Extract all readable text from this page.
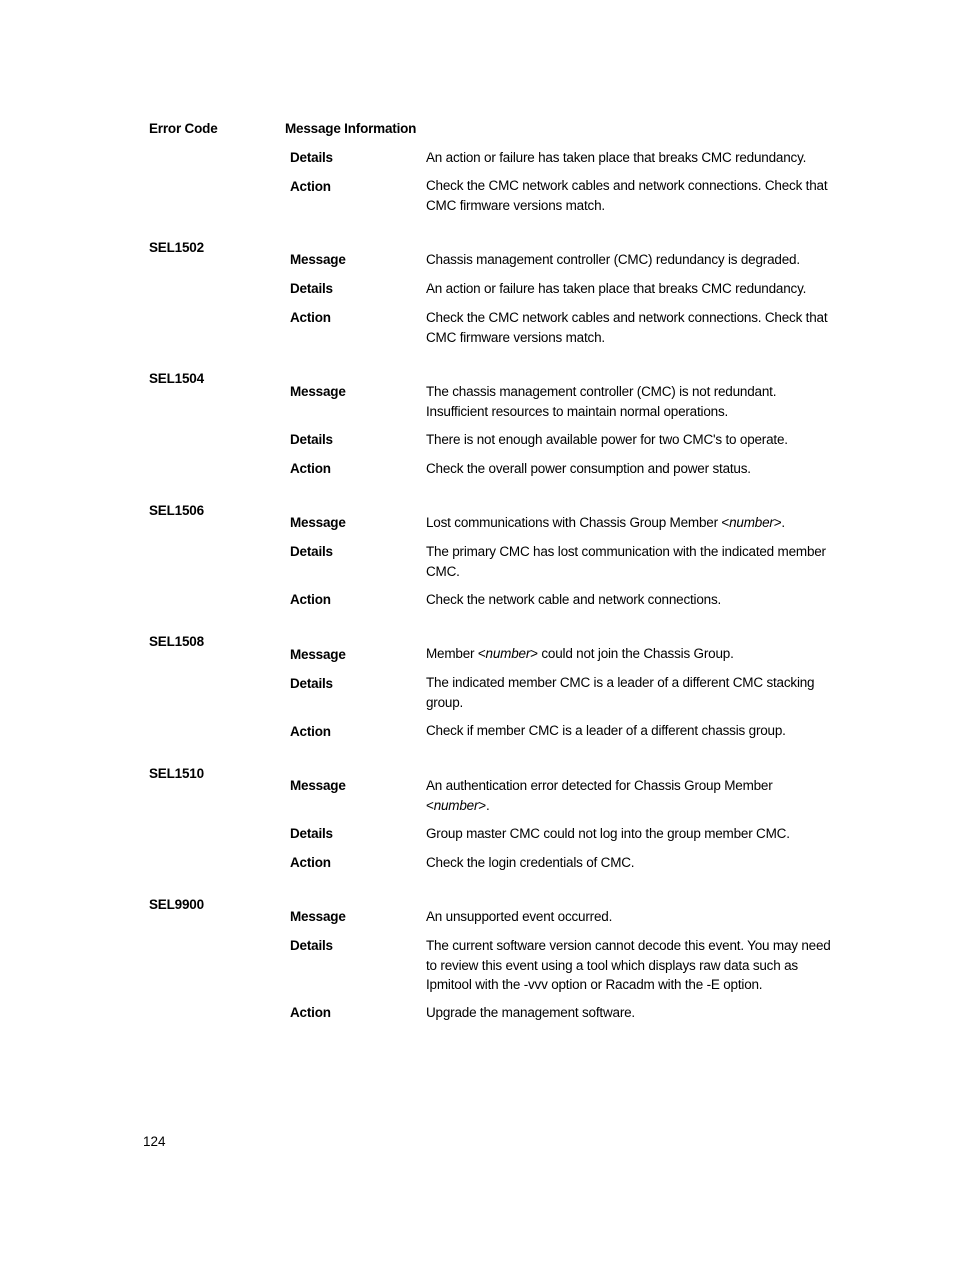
Error Code	Message Information
Details	An action or failure has taken place that breaks CMC redundancy.
Action	Check the CMC network cables and network connections. Check that CMC firmware versions match.
SEL1502
Message	Chassis management controller (CMC) redundancy is degraded.
Details	An action or failure has taken place that breaks CMC redundancy.
Action	Check the CMC network cables and network connections. Check that CMC firmware versions match.
SEL1504
Message	The chassis management controller (CMC) is not redundant. Insufficient resources to maintain normal operations.
Details	There is not enough available power for two CMC's to operate.
Action	Check the overall power consumption and power status.
SEL1506
Message	Lost communications with Chassis Group Member <number>.
Details	The primary CMC has lost communication with the indicated member CMC.
Action	Check the network cable and network connections.
SEL1508
Message	Member <number> could not join the Chassis Group.
Details	The indicated member CMC is a leader of a different CMC stacking group.
Action	Check if member CMC is a leader of a different chassis group.
SEL1510
Message	An authentication error detected for Chassis Group Member <number>.
Details	Group master CMC could not log into the group member CMC.
Action	Check the login credentials of CMC.
SEL9900
Message	An unsupported event occurred.
Details	The current software version cannot decode this event. You may need to review this event using a tool which displays raw data such as Ipmitool with the -vvv option or Racadm with the -E option.
Action	Upgrade the management software.
124
